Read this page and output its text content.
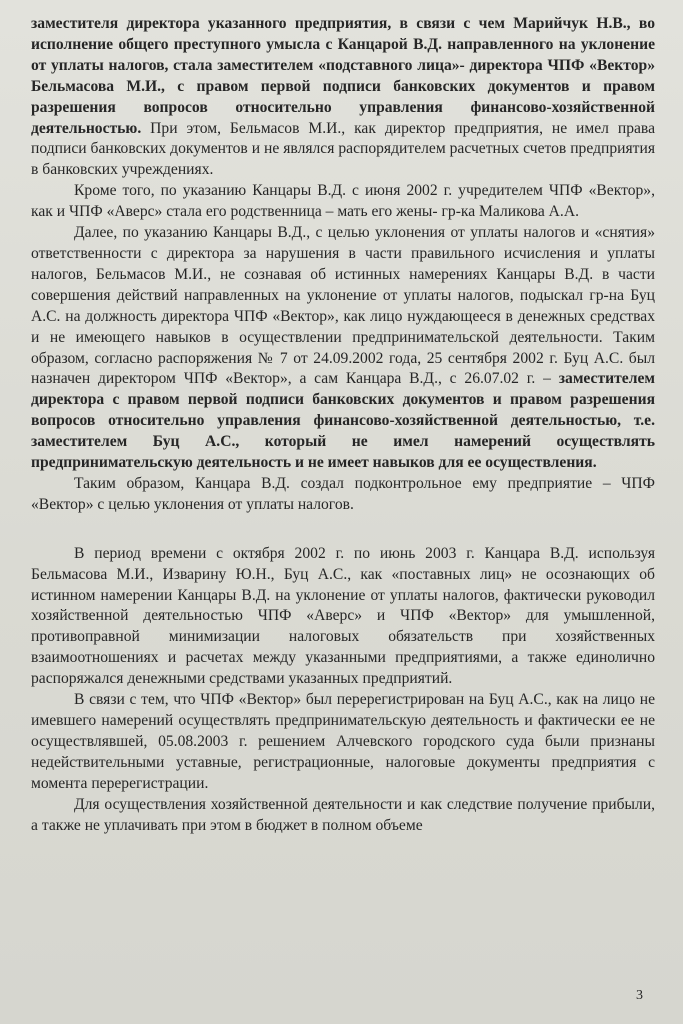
заместителя директора указанного предприятия, в связи с чем Марийчук Н.В., во исполнение общего преступного умысла с Канцарой В.Д. направленного на уклонение от уплаты налогов, стала заместителем «подставного лица»- директора ЧПФ «Вектор» Бельмасова М.И., с правом первой подписи банковских документов и правом разрешения вопросов относительно управления финансово-хозяйственной деятельностью. При этом, Бельмасов М.И., как директор предприятия, не имел права подписи банковских документов и не являлся распорядителем расчетных счетов предприятия в банковских учреждениях.

Кроме того, по указанию Канцары В.Д. с июня 2002 г. учредителем ЧПФ «Вектор», как и ЧПФ «Аверс» стала его родственница – мать его жены- гр-ка Маликова А.А.

Далее, по указанию Канцары В.Д., с целью уклонения от уплаты налогов и «снятия» ответственности с директора за нарушения в части правильного исчисления и уплаты налогов, Бельмасов М.И., не сознавая об истинных намерениях Канцары В.Д. в части совершения действий направленных на уклонение от уплаты налогов, подыскал гр-на Буц А.С. на должность директора ЧПФ «Вектор», как лицо нуждающееся в денежных средствах и не имеющего навыков в осуществлении предпринимательской деятельности. Таким образом, согласно распоряжения № 7 от 24.09.2002 года, 25 сентября 2002 г. Буц А.С. был назначен директором ЧПФ «Вектор», а сам Канцара В.Д., с 26.07.02 г. – заместителем директора с правом первой подписи банковских документов и правом разрешения вопросов относительно управления финансово-хозяйственной деятельностью, т.е. заместителем Буц А.С., который не имел намерений осуществлять предпринимательскую деятельность и не имеет навыков для ее осуществления.

Таким образом, Канцара В.Д. создал подконтрольное ему предприятие – ЧПФ «Вектор» с целью уклонения от уплаты налогов.

В период времени с октября 2002 г. по июнь 2003 г. Канцара В.Д. используя Бельмасова М.И., Изварину Ю.Н., Буц А.С., как «поставных лиц» не осознающих об истинном намерении Канцары В.Д. на уклонение от уплаты налогов, фактически руководил хозяйственной деятельностью ЧПФ «Аверс» и ЧПФ «Вектор» для умышленной, противоправной минимизации налоговых обязательств при хозяйственных взаимоотношениях и расчетах между указанными предприятиями, а также единолично распоряжался денежными средствами указанных предприятий.

В связи с тем, что ЧПФ «Вектор» был перерегистрирован на Буц А.С., как на лицо не имевшего намерений осуществлять предпринимательскую деятельность и фактически ее не осуществлявшей, 05.08.2003 г. решением Алчевского городского суда были признаны недействительными уставные, регистрационные, налоговые документы предприятия с момента перерегистрации.

Для осуществления хозяйственной деятельности и как следствие получение прибыли, а также не уплачивать при этом в бюджет в полном объеме

3
